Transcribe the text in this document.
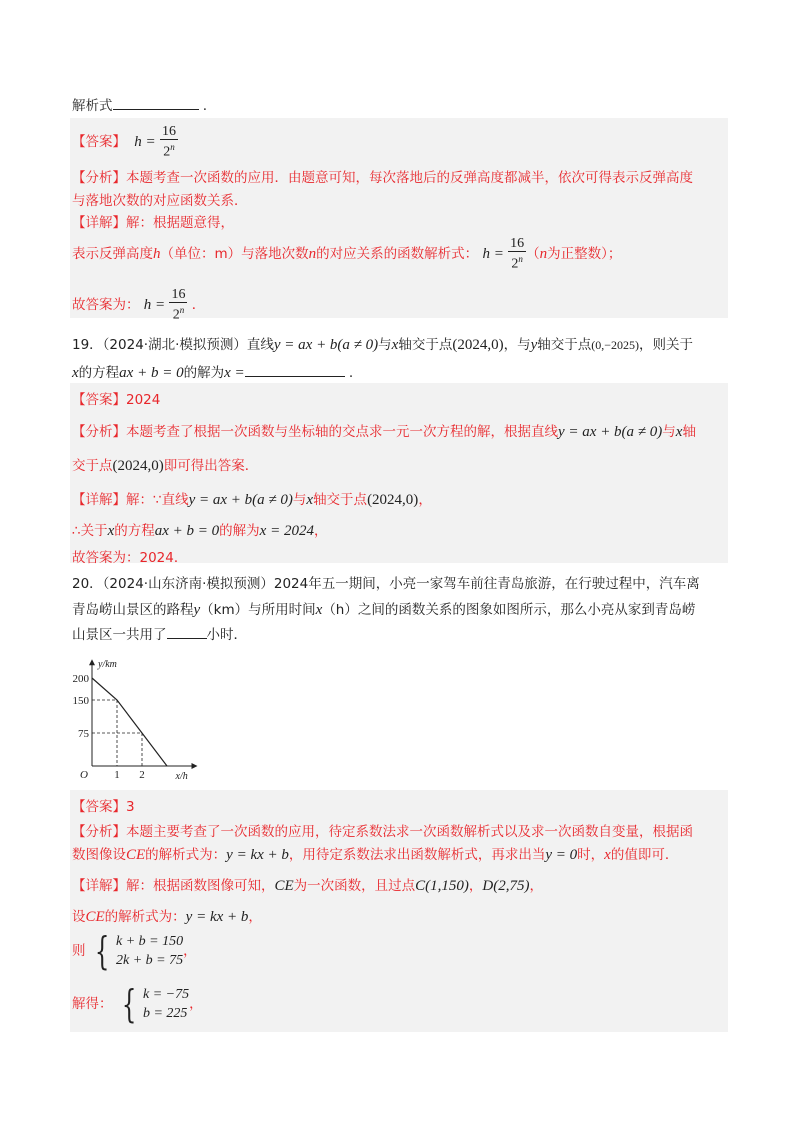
解析式	.
【答案】 $h = \frac{16}{2^n}$
【分析】本题考查一次函数的应用．由题意可知，每次落地后的反弹高度都减半，依次可得表示反弹高度
与落地次数的对应函数关系．
【详解】解：根据题意得，
表示反弹高度h（单位：m）与落地次数n的对应关系的函数解析式： $h = \frac{16}{2^n} (n$为正整数）；
故答案为： $h = \frac{16}{2^n}$ ．
19．（2024·湖北·模拟预测）直线y = ax + b(a ≠ 0)与x轴交于点(2024,0)，与y轴交于点(0,−2025)，则关于
x的方程ax + b = 0的解为x =	.
【答案】2024
【分析】本题考查了根据一次函数与坐标轴的交点求一元一次方程的解，根据直线y = ax + b(a ≠ 0)与x轴
交于点(2024,0)即可得出答案．
【详解】解：∵直线y = ax + b(a ≠ 0)与x轴交于点(2024,0)，
∴关于x的方程ax + b = 0的解为x = 2024，
故答案为：2024．
20．（2024·山东济南·模拟预测）2024年五一期间，小亮一家驾车前往青岛旅游，在行驶过程中，汽车离
青岛崂山景区的路程y（km）与所用时间x（h）之间的函数关系的图象如图所示，那么小亮从家到青岛崂
山景区一共用了	小时．
y/km
x/h
O
200
150
75
1 2
【答案】3
【分析】本题主要考查了一次函数的应用，待定系数法求一次函数解析式以及求一次函数自变量，根据函
数图像设CE的解析式为：y = kx + b，用待定系数法求出函数解析式，再求出当y = 0时，x的值即可．
【详解】解：根据函数图像可知，CE为一次函数，且过点C(1,150)，D(2,75)，
设CE的解析式为：y = kx + b，
则 { k + b = 150
2k + b = 75
，
解得： { k = −75
b = 225
，
